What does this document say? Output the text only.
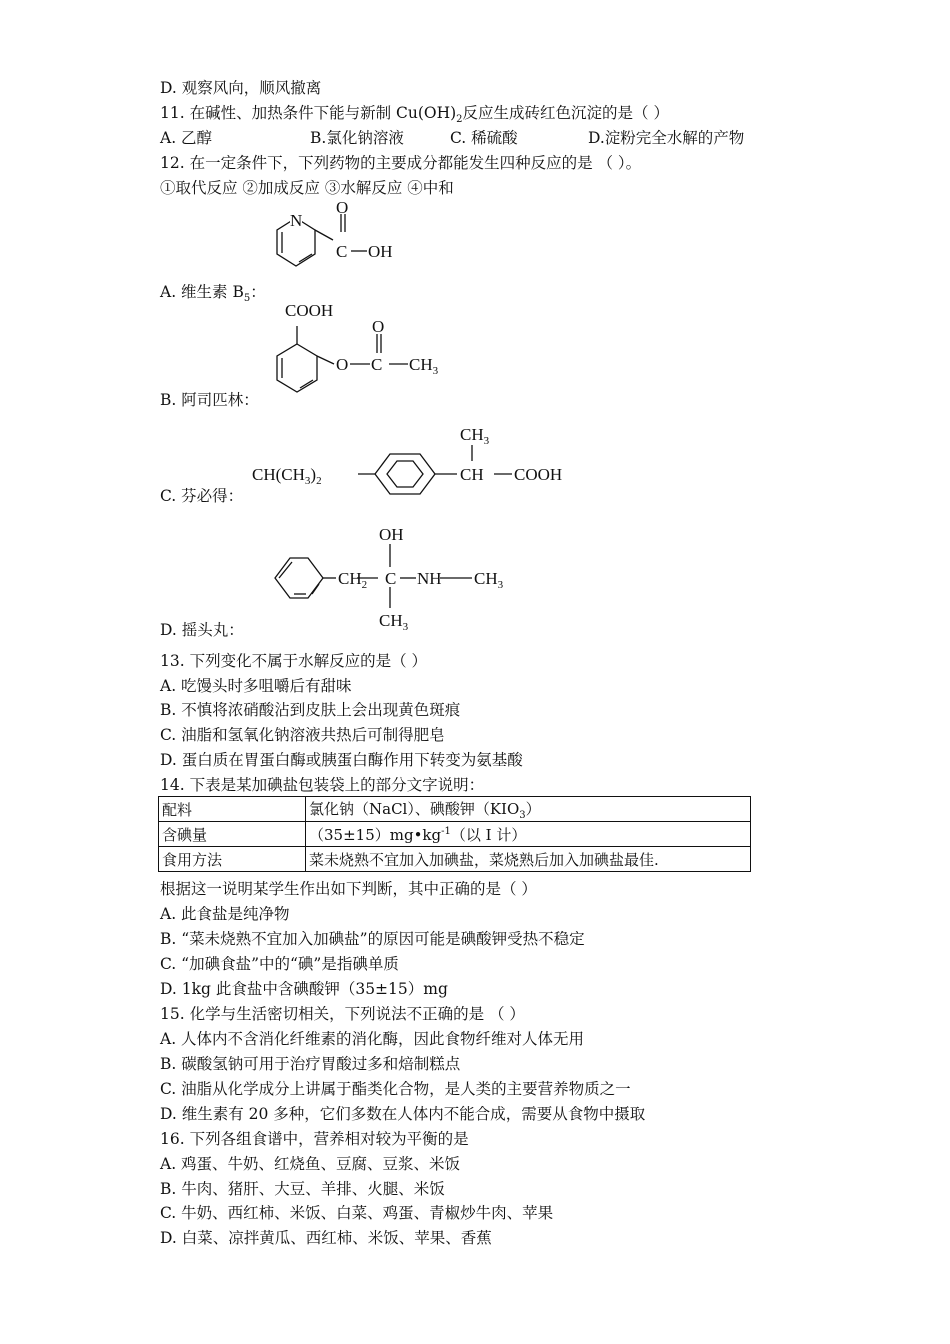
D. 观察风向，顺风撤离
11. 在碱性、加热条件下能与新制 $Cu(OH)_2$反应生成砖红色沉淀的是（ ）
A. 乙醇	B.氯化钠溶液	C. 稀硫酸	D.淀粉完全水解的产物
12. 在一定条件下，下列药物的主要成分都能发生四种反应的是 （ ）。
①取代反应 ②加成反应 ③水解反应 ④中和
N
O
C OH
A. 维生素 $B_5$：
COOH
O
O C $CH_3$
B. 阿司匹林：
$CH(CH_3)_2$
$CH_3$
CH COOH
C. 芬必得：
OH
$CH_2$ C NH $CH_3$
$CH_3$
D. 摇头丸：
13. 下列变化不属于水解反应的是（ ）
A. 吃馒头时多咀嚼后有甜味
B. 不慎将浓硝酸沾到皮肤上会出现黄色斑痕
C. 油脂和氢氧化钠溶液共热后可制得肥皂
D. 蛋白质在胃蛋白酶或胰蛋白酶作用下转变为氨基酸
14. 下表是某加碘盐包装袋上的部分文字说明：
配料	氯化钠（NaCl）、碘酸钾$(KIO_3)$
含碘量	$(35\pm 15)mg•kg^{-1}$（以 I 计）
食用方法	菜未烧熟不宜加入加碘盐，菜烧熟后加入加碘盐最佳.
根据这一说明某学生作出如下判断，其中正确的是（ ）
A. 此食盐是纯净物
B. “菜未烧熟不宜加入加碘盐”的原因可能是碘酸钾受热不稳定
C. “加碘食盐”中的“碘”是指碘单质
D. 1kg 此食盐中含碘酸钾（35±15）mg
15. 化学与生活密切相关，下列说法不正确的是 （ ）
A. 人体内不含消化纤维素的消化酶，因此食物纤维对人体无用
B. 碳酸氢钠可用于治疗胃酸过多和焙制糕点
C. 油脂从化学成分上讲属于酯类化合物，是人类的主要营养物质之一
D. 维生素有 20 多种，它们多数在人体内不能合成，需要从食物中摄取
16. 下列各组食谱中，营养相对较为平衡的是
A. 鸡蛋、牛奶、红烧鱼、豆腐、豆浆、米饭
B. 牛肉、猪肝、大豆、羊排、火腿、米饭
C. 牛奶、西红柿、米饭、白菜、鸡蛋、青椒炒牛肉、苹果
D. 白菜、凉拌黄瓜、西红柿、米饭、苹果、香蕉
